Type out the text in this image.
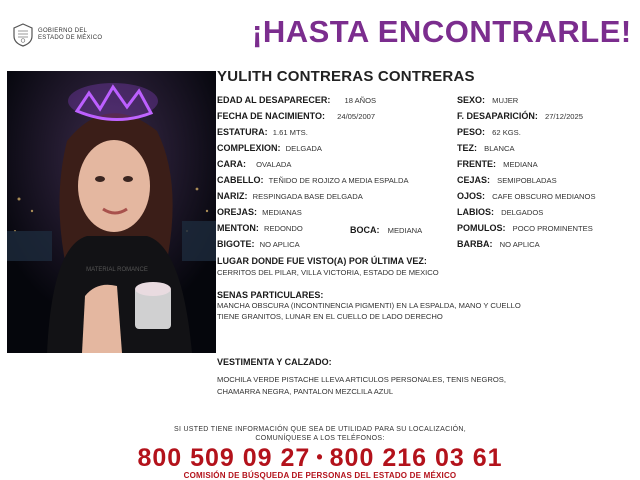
GOBIERNO DEL
ESTADO DE MÉXICO	¡HASTA ENCONTRARLE!
MATERIAL ROMANCE
YULITH CONTRERAS CONTRERAS
EDAD AL DESAPARECER: 18 AÑOS
FECHA DE NACIMIENTO: 24/05/2007
ESTATURA: 1.61 MTS.
COMPLEXION: DELGADA
CARA: OVALADA
CABELLO: TEÑIDO DE ROJIZO A MEDIA ESPALDA
NARIZ: RESPINGADA BASE DELGADA
OREJAS: MEDIANAS
MENTON: REDONDO
BIGOTE: NO APLICA
BOCA: MEDIANA
SEXO: MUJER
F. DESAPARICIÓN: 27/12/2025
PESO: 62 KGS.
TEZ: BLANCA
FRENTE: MEDIANA
CEJAS: SEMIPOBLADAS
OJOS: CAFE OBSCURO MEDIANOS
LABIOS: DELGADOS
POMULOS: POCO PROMINENTES
BARBA: NO APLICA
LUGAR DONDE FUE VISTO(A) POR ÚLTIMA VEZ:
CERRITOS DEL PILAR, VILLA VICTORIA, ESTADO DE MEXICO
SENAS PARTICULARES:
MANCHA OBSCURA (INCONTINENCIA PIGMENTI) EN LA ESPALDA, MANO Y CUELLO
TIENE GRANITOS, LUNAR EN EL CUELLO DE LADO DERECHO
VESTIMENTA Y CALZADO:
MOCHILA VERDE PISTACHE LLEVA ARTICULOS PERSONALES, TENIS NEGROS,
CHAMARRA NEGRA, PANTALON MEZCLILA AZUL
SI USTED TIENE INFORMACIÓN QUE SEA DE UTILIDAD PARA SU LOCALIZACIÓN,
COMUNÍQUESE A LOS TELÉFONOS:
800 509 09 27 • 800 216 03 61
COMISIÓN DE BÚSQUEDA DE PERSONAS DEL ESTADO DE MÉXICO
